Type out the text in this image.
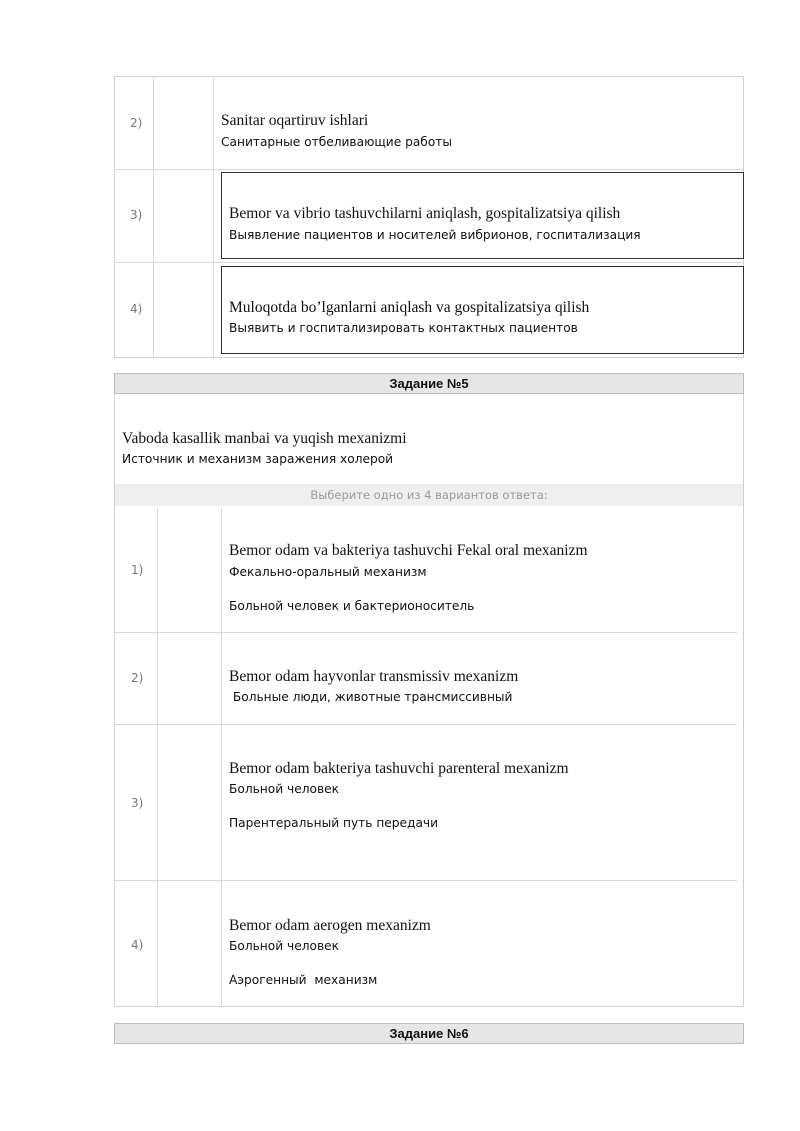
2)	Sanitar oqartiruv ishlari
Санитарные отбеливающие работы
3)	Bemor va vibrio tashuvchilarni aniqlash, gospitalizatsiya qilish
Выявление пациентов и носителей вибрионов, госпитализация
4)	Muloqotda bo’lganlarni aniqlash va gospitalizatsiya qilish
Выявить и госпитализировать контактных пациентов
Задание №5
Vaboda kasallik manbai va yuqish mexanizmi
Источник и механизм заражения холерой
Выберите одно из 4 вариантов ответа:
1)
Bemor odam va bakteriya tashuvchi Fekal oral mexanizm
Фекально-оральный механизм
Больной человек и бактерионоситель
2)	Bemor odam hayvonlar transmissiv mexanizm
Больные люди, животные трансмиссивный
3)
Bemor odam bakteriya tashuvchi parenteral mexanizm
Больной человек
Парентеральный путь передачи
4)
Bemor odam aerogen mexanizm
Больной человек
Аэрогенный  механизм
Задание №6
